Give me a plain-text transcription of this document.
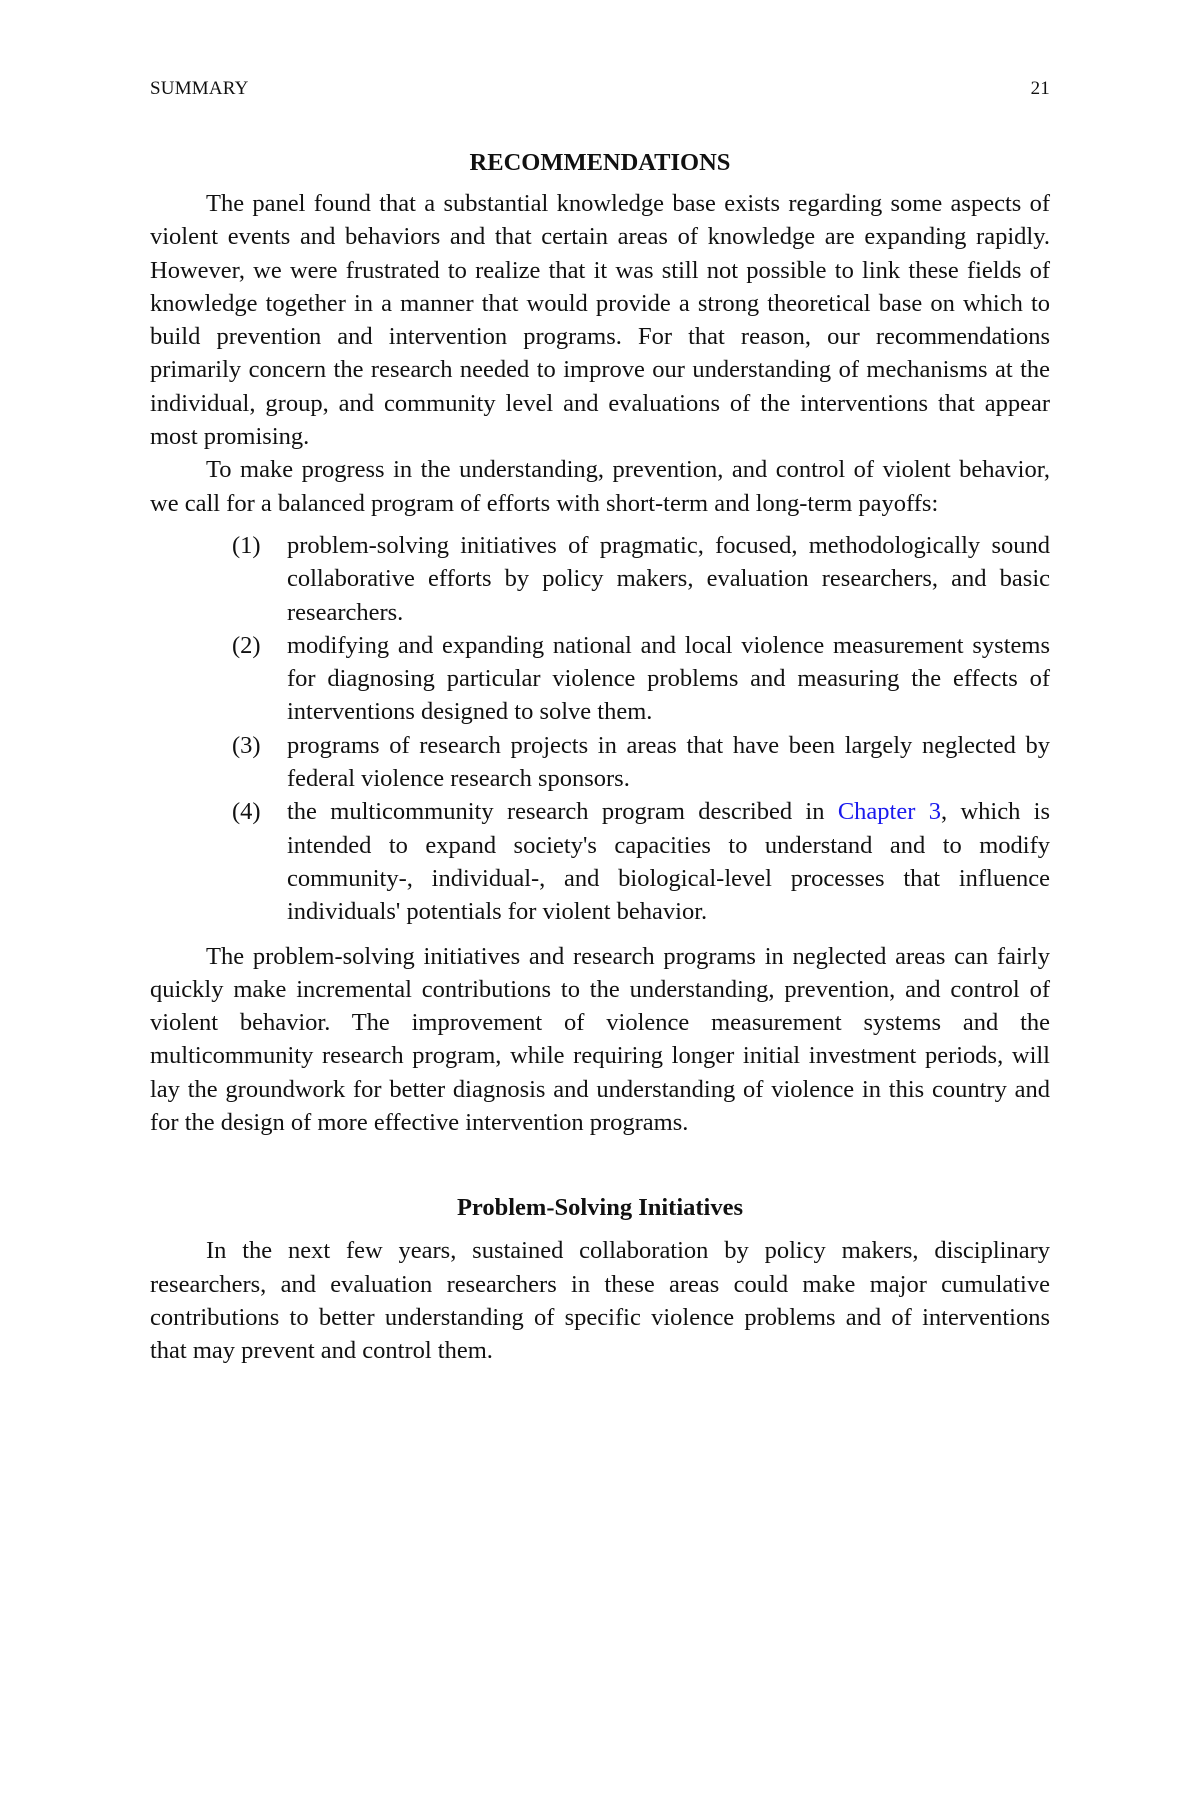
SUMMARY	21
RECOMMENDATIONS

The panel found that a substantial knowledge base exists regarding some aspects of violent events and behaviors and that certain areas of knowledge are expanding rapidly. However, we were frustrated to realize that it was still not possible to link these fields of knowledge together in a manner that would provide a strong theoretical base on which to build prevention and intervention programs. For that reason, our recommendations primarily concern the research needed to improve our understanding of mechanisms at the individual, group, and community level and evaluations of the interventions that appear most promising.

To make progress in the understanding, prevention, and control of violent behavior, we call for a balanced program of efforts with short-term and long-term payoffs:

(1) problem-solving initiatives of pragmatic, focused, methodologically sound collaborative efforts by policy makers, evaluation researchers, and basic researchers.
(2) modifying and expanding national and local violence measurement systems for diagnosing particular violence problems and measuring the effects of interventions designed to solve them.
(3) programs of research projects in areas that have been largely neglected by federal violence research sponsors.
(4) the multicommunity research program described in Chapter 3, which is intended to expand society's capacities to understand and to modify community-, individual-, and biological-level processes that influence individuals' potentials for violent behavior.

The problem-solving initiatives and research programs in neglected areas can fairly quickly make incremental contributions to the understanding, prevention, and control of violent behavior. The improvement of violence measurement systems and the multicommunity research program, while requiring longer initial investment periods, will lay the groundwork for better diagnosis and understanding of violence in this country and for the design of more effective intervention programs.

Problem-Solving Initiatives

In the next few years, sustained collaboration by policy makers, disciplinary researchers, and evaluation researchers in these areas could make major cumulative contributions to better understanding of specific violence problems and of interventions that may prevent and control them.
